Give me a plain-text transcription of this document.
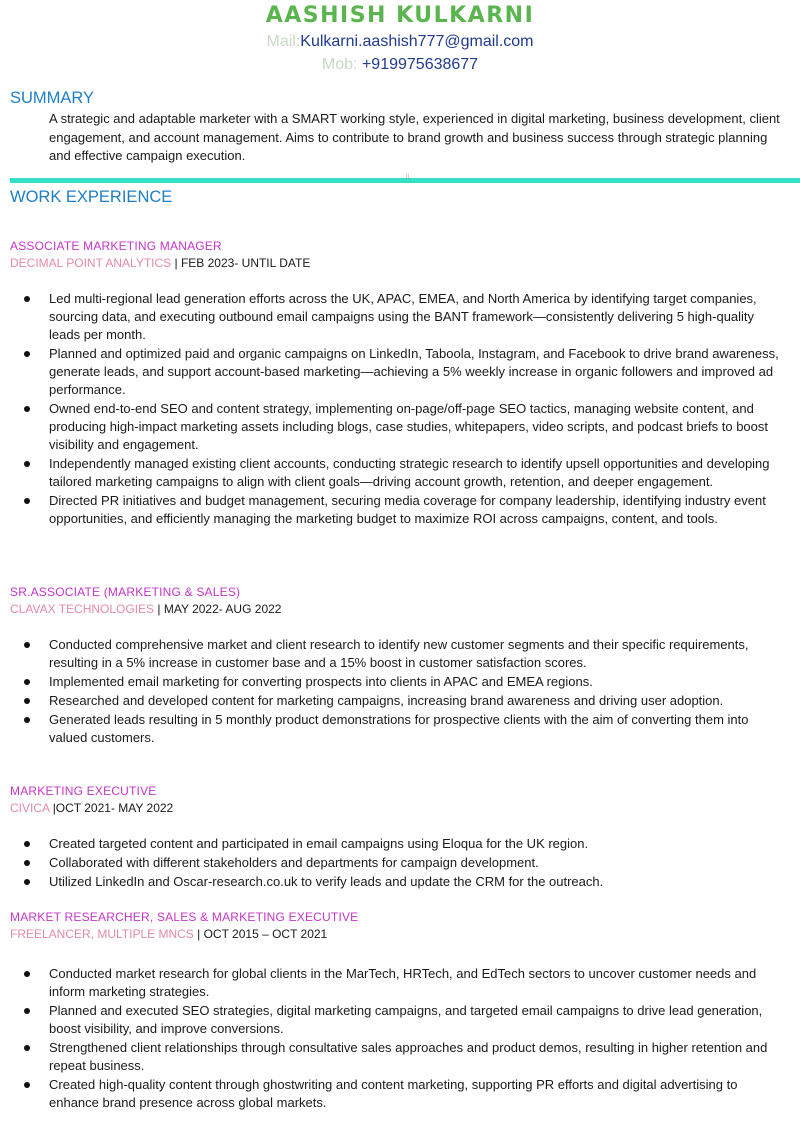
AASHISH KULKARNI
Mail:Kulkarni.aashish777@gmail.com
Mob: +919975638677
SUMMARY
A strategic and adaptable marketer with a SMART working style, experienced in digital marketing, business development, client engagement, and account management. Aims to contribute to brand growth and business success through strategic planning and effective campaign execution.
||
WORK EXPERIENCE
ASSOCIATE MARKETING MANAGER
DECIMAL POINT ANALYTICS | FEB 2023- UNTIL DATE
Led multi-regional lead generation efforts across the UK, APAC, EMEA, and North America by identifying target companies, sourcing data, and executing outbound email campaigns using the BANT framework—consistently delivering 5 high-quality leads per month.
Planned and optimized paid and organic campaigns on LinkedIn, Taboola, Instagram, and Facebook to drive brand awareness, generate leads, and support account-based marketing—achieving a 5% weekly increase in organic followers and improved ad performance.
Owned end-to-end SEO and content strategy, implementing on-page/off-page SEO tactics, managing website content, and producing high-impact marketing assets including blogs, case studies, whitepapers, video scripts, and podcast briefs to boost visibility and engagement.
Independently managed existing client accounts, conducting strategic research to identify upsell opportunities and developing tailored marketing campaigns to align with client goals—driving account growth, retention, and deeper engagement.
Directed PR initiatives and budget management, securing media coverage for company leadership, identifying industry event opportunities, and efficiently managing the marketing budget to maximize ROI across campaigns, content, and tools.
SR.ASSOCIATE (MARKETING & SALES)
CLAVAX TECHNOLOGIES | MAY 2022- AUG 2022
Conducted comprehensive market and client research to identify new customer segments and their specific requirements, resulting in a 5% increase in customer base and a 15% boost in customer satisfaction scores.
Implemented email marketing for converting prospects into clients in APAC and EMEA regions.
Researched and developed content for marketing campaigns, increasing brand awareness and driving user adoption.
Generated leads resulting in 5 monthly product demonstrations for prospective clients with the aim of converting them into valued customers.
MARKETING EXECUTIVE
CIVICA |OCT 2021- MAY 2022
Created targeted content and participated in email campaigns using Eloqua for the UK region.
Collaborated with different stakeholders and departments for campaign development.
Utilized LinkedIn and Oscar-research.co.uk to verify leads and update the CRM for the outreach.
MARKET RESEARCHER, SALES & MARKETING EXECUTIVE
FREELANCER, MULTIPLE MNCS | OCT 2015 – OCT 2021
Conducted market research for global clients in the MarTech, HRTech, and EdTech sectors to uncover customer needs and inform marketing strategies.
Planned and executed SEO strategies, digital marketing campaigns, and targeted email campaigns to drive lead generation, boost visibility, and improve conversions.
Strengthened client relationships through consultative sales approaches and product demos, resulting in higher retention and repeat business.
Created high-quality content through ghostwriting and content marketing, supporting PR efforts and digital advertising to enhance brand presence across global markets.
